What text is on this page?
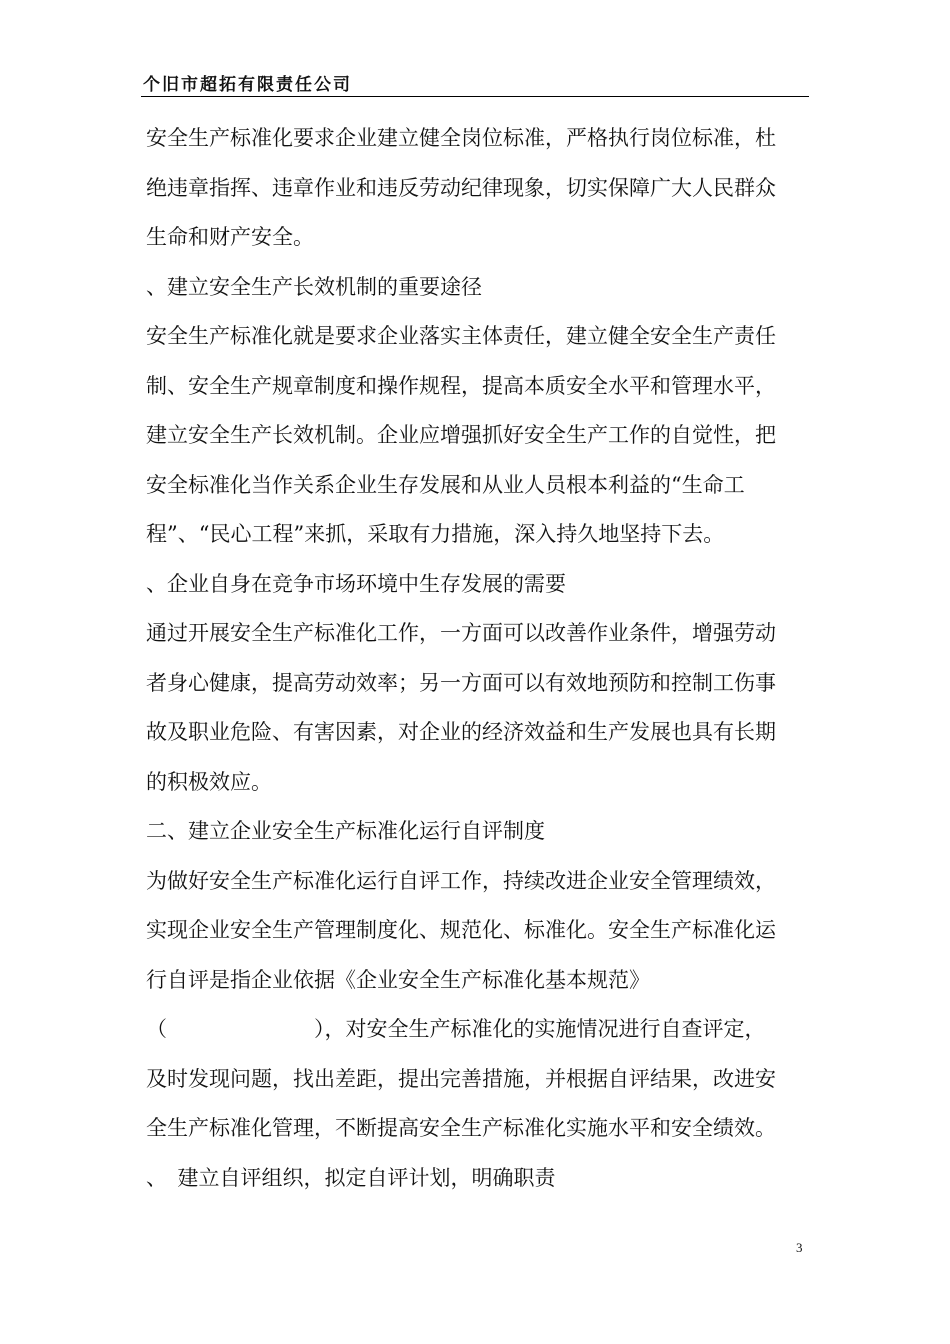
个旧市超拓有限责任公司
安全生产标准化要求企业建立健全岗位标准，严格执行岗位标准，杜
绝违章指挥、违章作业和违反劳动纪律现象，切实保障广大人民群众
生命和财产安全。
、建立安全生产长效机制的重要途径
安全生产标准化就是要求企业落实主体责任，建立健全安全生产责任
制、安全生产规章制度和操作规程，提高本质安全水平和管理水平，
建立安全生产长效机制。企业应增强抓好安全生产工作的自觉性，把
安全标准化当作关系企业生存发展和从业人员根本利益的“生命工
程”、“民心工程”来抓，采取有力措施，深入持久地坚持下去。
、企业自身在竞争市场环境中生存发展的需要
通过开展安全生产标准化工作，一方面可以改善作业条件，增强劳动
者身心健康，提高劳动效率；另一方面可以有效地预防和控制工伤事
故及职业危险、有害因素，对企业的经济效益和生产发展也具有长期
的积极效应。
二、建立企业安全生产标准化运行自评制度
为做好安全生产标准化运行自评工作，持续改进企业安全管理绩效，
实现企业安全生产管理制度化、规范化、标准化。安全生产标准化运
行自评是指企业依据《企业安全生产标准化基本规范》
（　　　　　　　），对安全生产标准化的实施情况进行自查评定，
及时发现问题，找出差距，提出完善措施，并根据自评结果，改进安
全生产标准化管理，不断提高安全生产标准化实施水平和安全绩效。
、　建立自评组织，拟定自评计划，明确职责
3
